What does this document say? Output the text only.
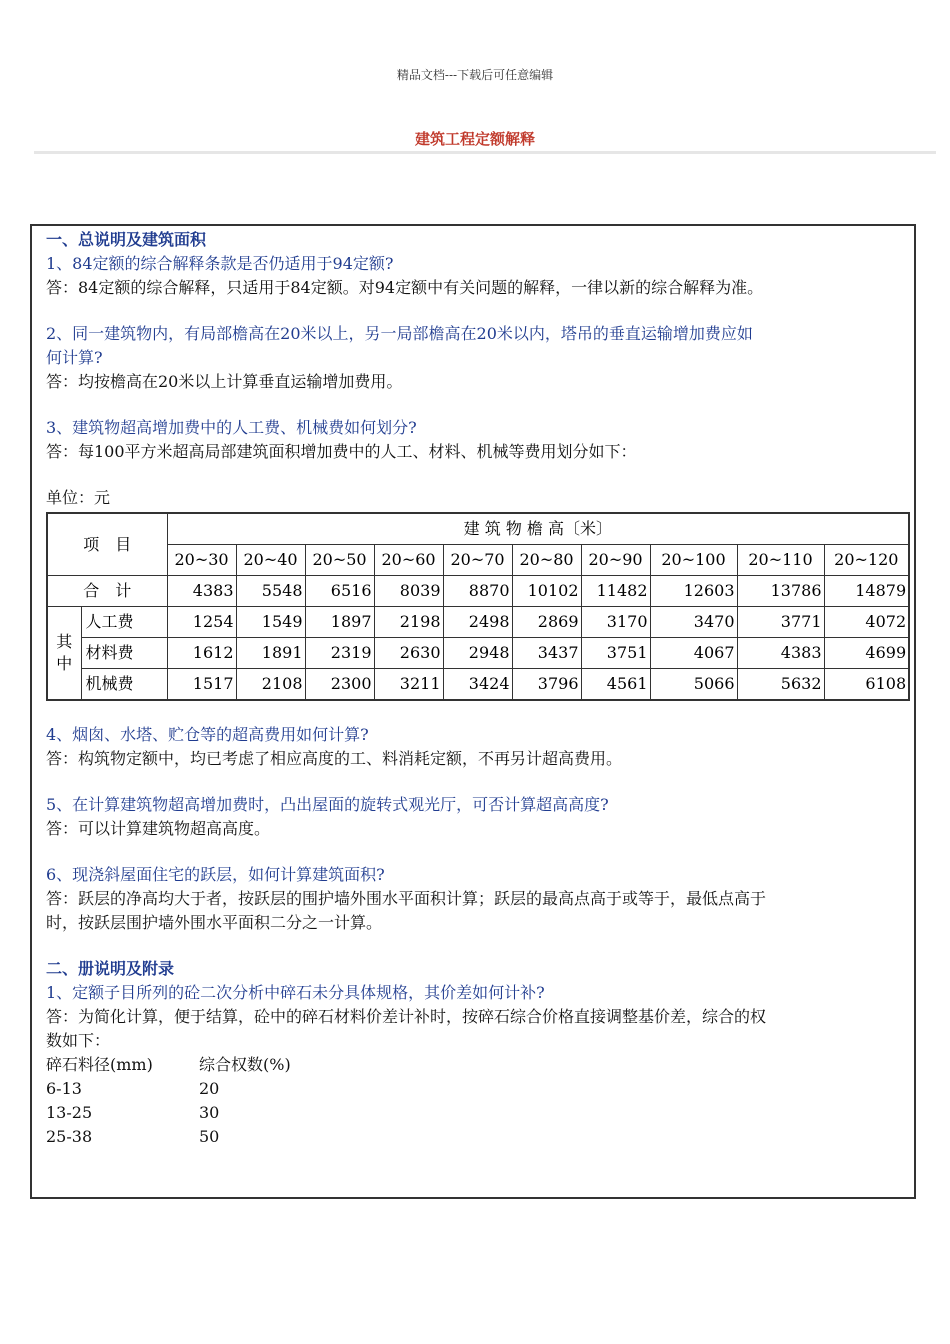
精品文档---下载后可任意编辑
建筑工程定额解释
一、总说明及建筑面积
1、84定额的综合解释条款是否仍适用于94定额?
答：84定额的综合解释，只适用于84定额。对94定额中有关问题的解释，一律以新的综合解释为准。
2、同一建筑物内，有局部檐高在20米以上，另一局部檐高在20米以内，塔吊的垂直运输增加费应如
何计算?
答：均按檐高在20米以上计算垂直运输增加费用。
3、建筑物超高增加费中的人工费、机械费如何划分?
答：每100平方米超高局部建筑面积增加费中的人工、材料、机械等费用划分如下：
单位：元
项　目		建 筑 物 檐 高〔米〕									
		20~30	20~40	20~50	20~60	20~70	20~80	20~90	20~100	20~110	20~120
合　计		4383	5548	6516	8039	8870	10102	11482	12603	13786	14879
其
中	人工费	1254	1549	1897	2198	2498	2869	3170	3470	3771	4072
	材料费	1612	1891	2319	2630	2948	3437	3751	4067	4383	4699
	机械费	1517	2108	2300	3211	3424	3796	4561	5066	5632	6108
4、烟囱、水塔、贮仓等的超高费用如何计算?
答：构筑物定额中，均已考虑了相应高度的工、料消耗定额，不再另计超高费用。
5、在计算建筑物超高增加费时，凸出屋面的旋转式观光厅，可否计算超高高度?
答：可以计算建筑物超高高度。
6、现浇斜屋面住宅的跃层，如何计算建筑面积?
答：跃层的净高均大于者，按跃层的围护墙外围水平面积计算；跃层的最高点高于或等于，最低点高于
时，按跃层围护墙外围水平面积二分之一计算。
二、册说明及附录
1、定额子目所列的砼二次分析中碎石未分具体规格，其价差如何计补?
答：为简化计算，便于结算，砼中的碎石材料价差计补时，按碎石综合价格直接调整基价差，综合的权
数如下：
碎石料径(mm)	综合权数(%)
6-13	20
13-25	30
25-38	50
